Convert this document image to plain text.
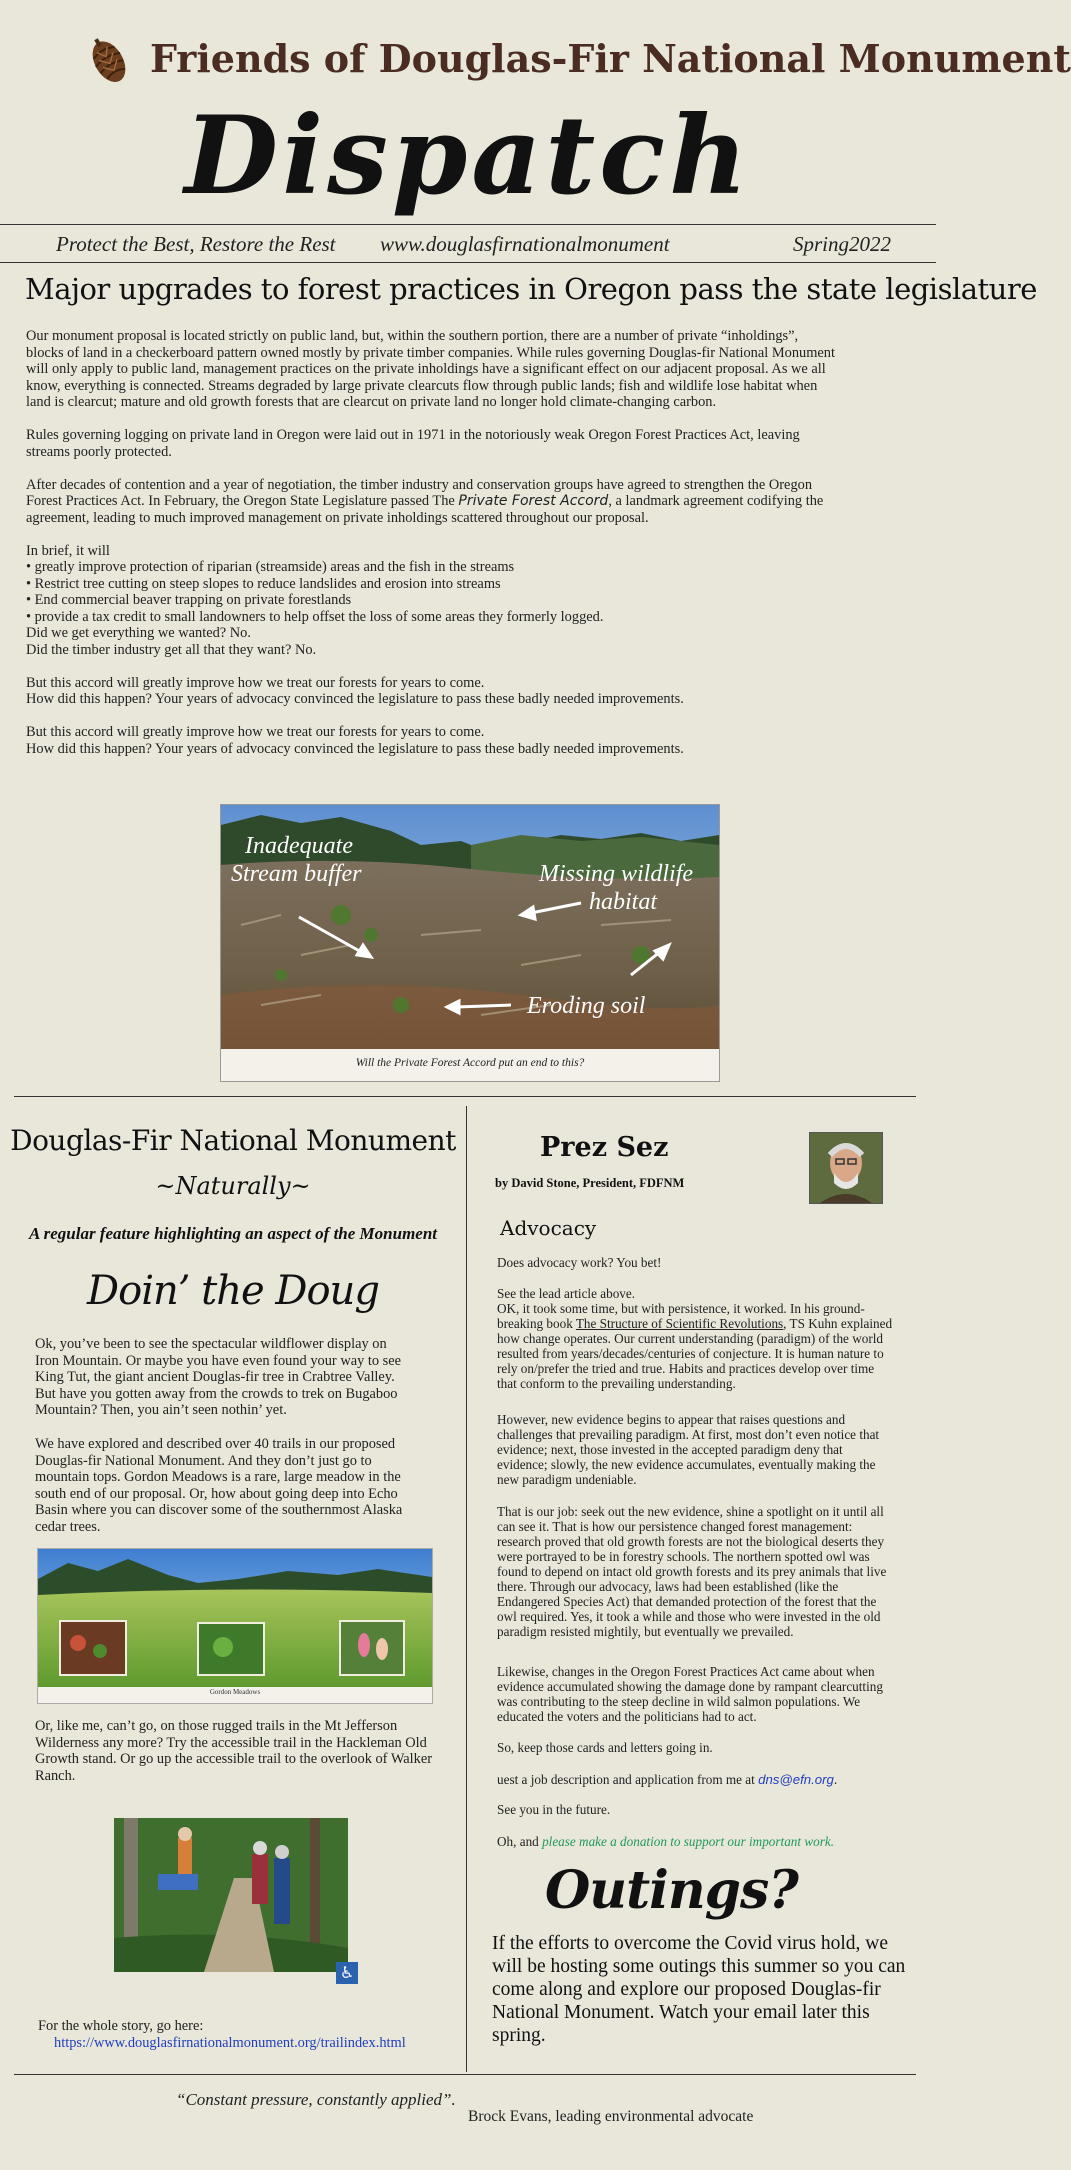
Friends of Douglas-Fir National Monument
Dispatch
Protect the Best, Restore the Rest www.douglasfirnationalmonument	Spring2022
Major upgrades to forest practices in Oregon pass the state legislature

Our monument proposal is located strictly on public land, but, within the southern portion, there are a number of private “inholdings”,
blocks of land in a checkerboard pattern owned mostly by private timber companies. While rules governing Douglas-fir National Monument
will only apply to public land, management practices on the private inholdings have a significant effect on our adjacent proposal. As we all
know, everything is connected. Streams degraded by large private clearcuts flow through public lands; fish and wildlife lose habitat when
land is clearcut; mature and old growth forests that are clearcut on private land no longer hold climate-changing carbon.

Rules governing logging on private land in Oregon were laid out in 1971 in the notoriously weak Oregon Forest Practices Act, leaving
streams poorly protected.

After decades of contention and a year of negotiation, the timber industry and conservation groups have agreed to strengthen the Oregon
Forest Practices Act. In February, the Oregon State Legislature passed The Private Forest Accord, a landmark agreement codifying the
agreement, leading to much improved management on private inholdings scattered throughout our proposal.

In brief, it will
• greatly improve protection of riparian (streamside) areas and the fish in the streams
• Restrict tree cutting on steep slopes to reduce landslides and erosion into streams
• End commercial beaver trapping on private forestlands
• provide a tax credit to small landowners to help offset the loss of some areas they formerly logged.
Did we get everything we wanted? No.
Did the timber industry get all that they want? No.

But this accord will greatly improve how we treat our forests for years to come.
How did this happen? Your years of advocacy convinced the legislature to pass these badly needed improvements.

But this accord will greatly improve how we treat our forests for years to come.
How did this happen? Your years of advocacy convinced the legislature to pass these badly needed improvements.

Inadequate
Stream buffer	Missing wildlife
habitat
Eroding soil
Will the Private Forest Accord put an end to this?
Douglas-Fir National Monument
~Naturally~
A regular feature highlighting an aspect of the Monument
Doin’ the Doug
Ok, you’ve been to see the spectacular wildflower display on
Iron Mountain. Or maybe you have even found your way to see
King Tut, the giant ancient Douglas-fir tree in Crabtree Valley.
But have you gotten away from the crowds to trek on Bugaboo
Mountain? Then, you ain’t seen nothin’ yet.
We have explored and described over 40 trails in our proposed
Douglas-fir National Monument. And they don’t just go to
mountain tops. Gordon Meadows is a rare, large meadow in the
south end of our proposal. Or, how about going deep into Echo
Basin where you can discover some of the southernmost Alaska
cedar trees.
Gordon Meadows
Or, like me, can’t go, on those rugged trails in the Mt Jefferson
Wilderness any more? Try the accessible trail in the Hackleman Old
Growth stand. Or go up the accessible trail to the overlook of Walker
Ranch.
♿
For the whole story, go here:
https://www.douglasfirnationalmonument.org/trailindex.html
Prez Sez
by David Stone, President, FDFNM
Advocacy
Does advocacy work? You bet!
See the lead article above.
OK, it took some time, but with persistence, it worked. In his ground-
breaking book The Structure of Scientific Revolutions, TS Kuhn explained
how change operates. Our current understanding (paradigm) of the world
resulted from years/decades/centuries of conjecture. It is human nature to
rely on/prefer the tried and true. Habits and practices develop over time
that conform to the prevailing understanding.
However, new evidence begins to appear that raises questions and
challenges that prevailing paradigm. At first, most don’t even notice that
evidence; next, those invested in the accepted paradigm deny that
evidence; slowly, the new evidence accumulates, eventually making the
new paradigm undeniable.
That is our job: seek out the new evidence, shine a spotlight on it until all
can see it. That is how our persistence changed forest management:
research proved that old growth forests are not the biological deserts they
were portrayed to be in forestry schools. The northern spotted owl was
found to depend on intact old growth forests and its prey animals that live
there. Through our advocacy, laws had been established (like the
Endangered Species Act) that demanded protection of the forest that the
owl required. Yes, it took a while and those who were invested in the old
paradigm resisted mightily, but eventually we prevailed.
Likewise, changes in the Oregon Forest Practices Act came about when
evidence accumulated showing the damage done by rampant clearcutting
was contributing to the steep decline in wild salmon populations. We
educated the voters and the politicians had to act.
So, keep those cards and letters going in.
uest a job description and application from me at dns@efn.org.
See you in the future.
Oh, and please make a donation to support our important work.
Outings?
If the efforts to overcome the Covid virus hold, we
will be hosting some outings this summer so you can
come along and explore our proposed Douglas-fir
National Monument. Watch your email later this
spring.
“Constant pressure, constantly applied”.
Brock Evans, leading environmental advocate
